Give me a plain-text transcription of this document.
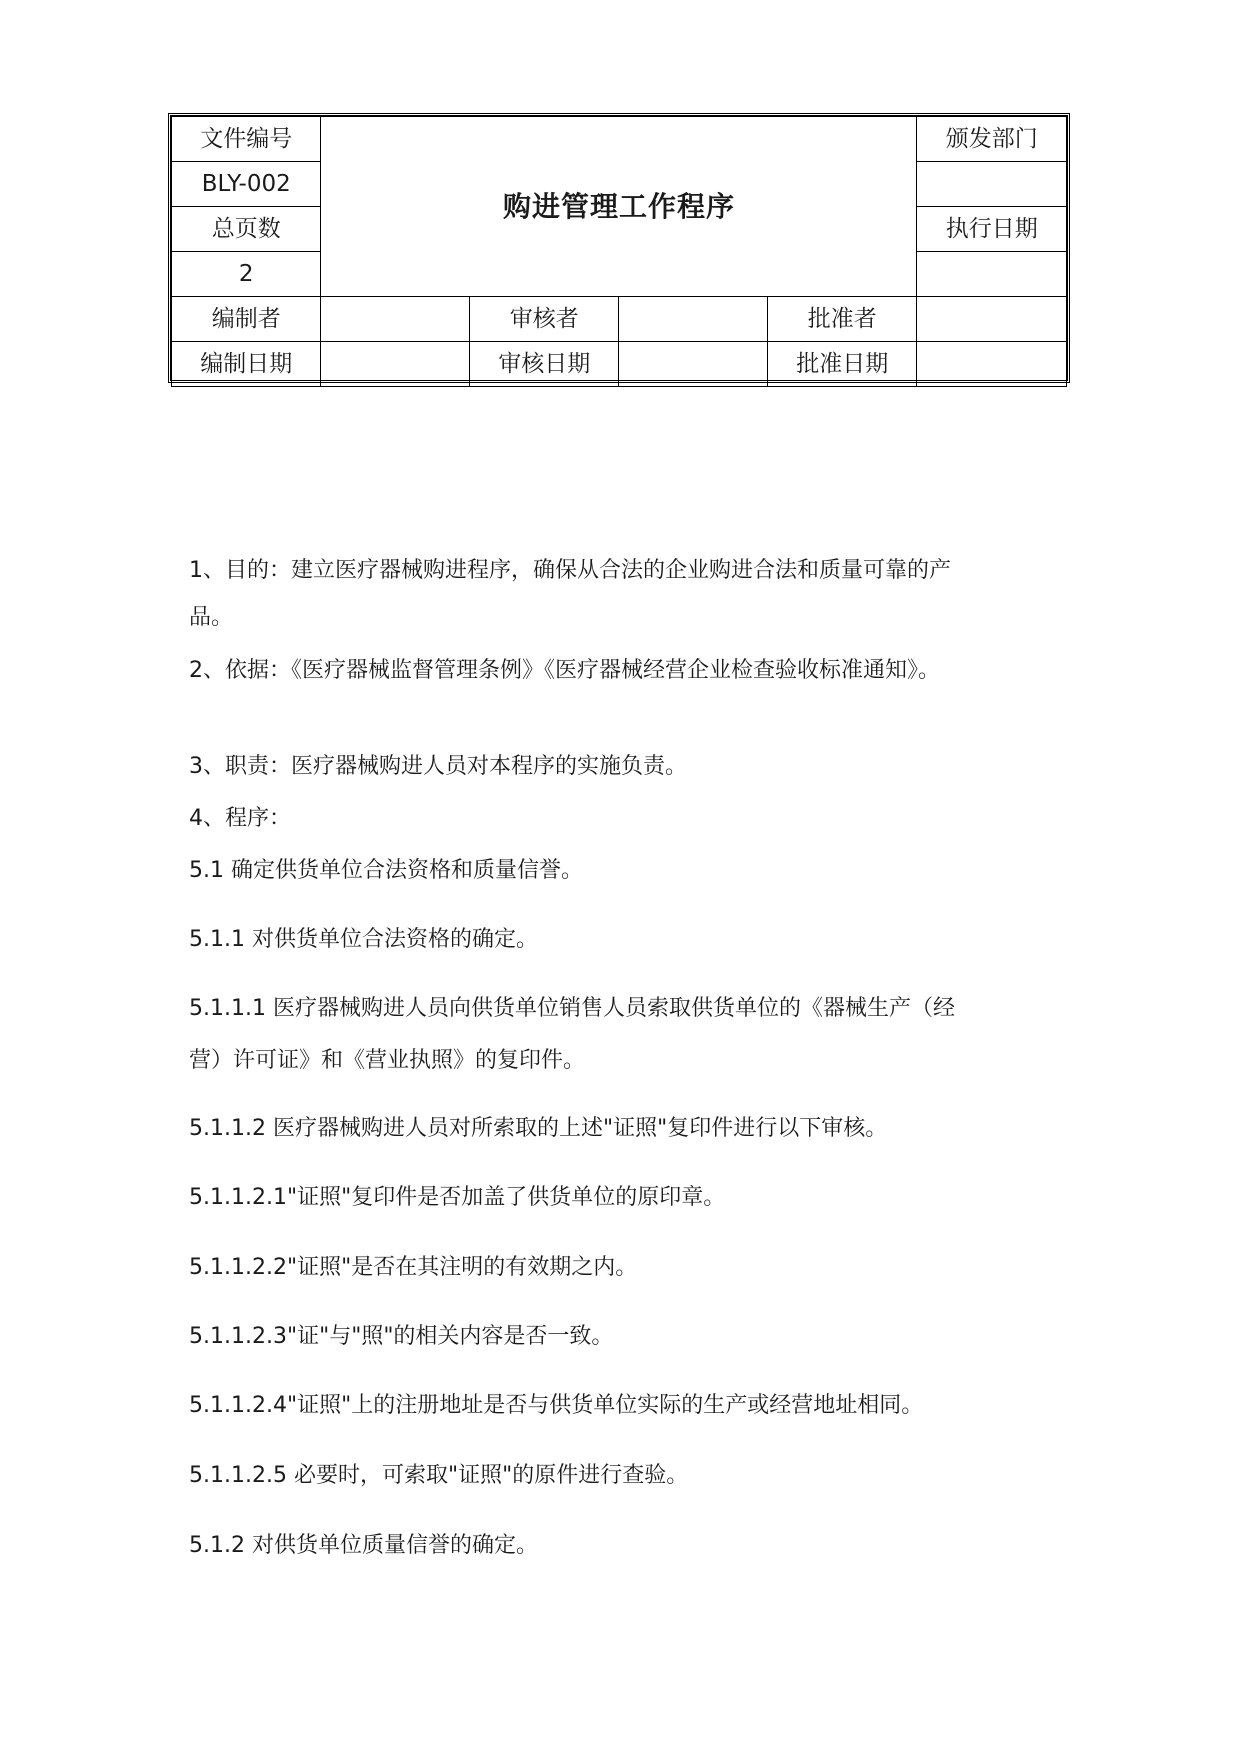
文件编号	购进管理工作程序				颁发部门
BLY-002					
总页数					执行日期
2					
编制者		审核者		批准者	
编制日期		审核日期		批准日期	
1、目的：建立医疗器械购进程序，确保从合法的企业购进合法和质量可靠的产
品。
2、依据：《医疗器械监督管理条例》《医疗器械经营企业检查验收标准通知》。
3、职责：医疗器械购进人员对本程序的实施负责。
4、程序：
5.1 确定供货单位合法资格和质量信誉。
5.1.1 对供货单位合法资格的确定。
5.1.1.1 医疗器械购进人员向供货单位销售人员索取供货单位的《器械生产（经
营）许可证》和《营业执照》的复印件。
5.1.1.2 医疗器械购进人员对所索取的上述"证照"复印件进行以下审核。
5.1.1.2.1"证照"复印件是否加盖了供货单位的原印章。
5.1.1.2.2"证照"是否在其注明的有效期之内。
5.1.1.2.3"证"与"照"的相关内容是否一致。
5.1.1.2.4"证照"上的注册地址是否与供货单位实际的生产或经营地址相同。
5.1.1.2.5 必要时，可索取"证照"的原件进行查验。
5.1.2 对供货单位质量信誉的确定。
